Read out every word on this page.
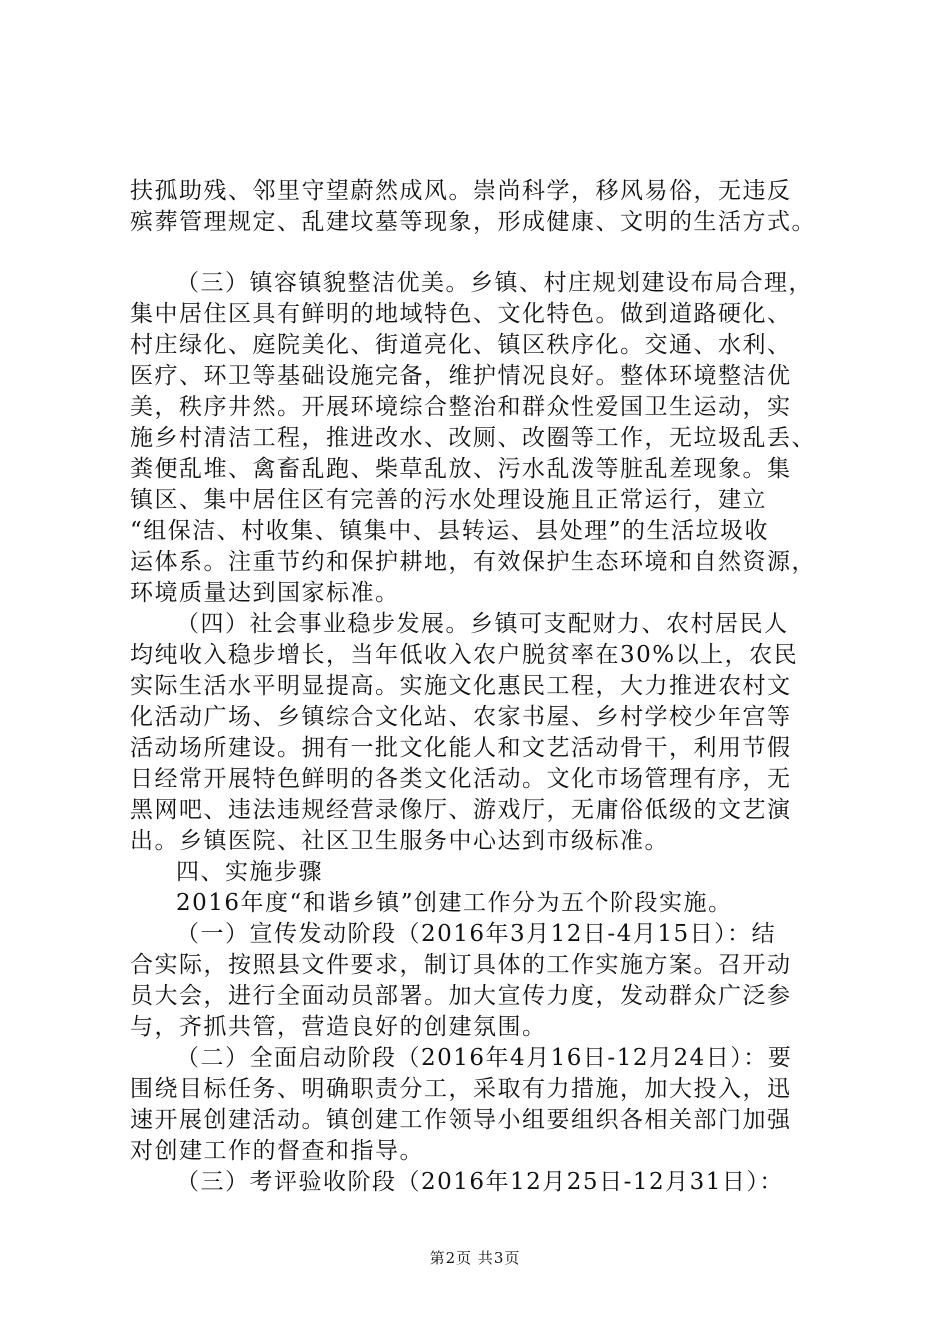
扶孤助残、邻里守望蔚然成风。崇尚科学，移风易俗，无违反
殡葬管理规定、乱建坟墓等现象，形成健康、文明的生活方式。
（三）镇容镇貌整洁优美。乡镇、村庄规划建设布局合理，
集中居住区具有鲜明的地域特色、文化特色。做到道路硬化、
村庄绿化、庭院美化、街道亮化、镇区秩序化。交通、水利、
医疗、环卫等基础设施完备，维护情况良好。整体环境整洁优
美，秩序井然。开展环境综合整治和群众性爱国卫生运动，实
施乡村清洁工程，推进改水、改厕、改圈等工作，无垃圾乱丢、
粪便乱堆、禽畜乱跑、柴草乱放、污水乱泼等脏乱差现象。集
镇区、集中居住区有完善的污水处理设施且正常运行，建立
“组保洁、村收集、镇集中、县转运、县处理”的生活垃圾收
运体系。注重节约和保护耕地，有效保护生态环境和自然资源，
环境质量达到国家标准。
（四）社会事业稳步发展。乡镇可支配财力、农村居民人
均纯收入稳步增长，当年低收入农户脱贫率在30%以上，农民
实际生活水平明显提高。实施文化惠民工程，大力推进农村文
化活动广场、乡镇综合文化站、农家书屋、乡村学校少年宫等
活动场所建设。拥有一批文化能人和文艺活动骨干，利用节假
日经常开展特色鲜明的各类文化活动。文化市场管理有序，无
黑网吧、违法违规经营录像厅、游戏厅，无庸俗低级的文艺演
出。乡镇医院、社区卫生服务中心达到市级标准。
四、实施步骤
2016年度“和谐乡镇”创建工作分为五个阶段实施。
（一）宣传发动阶段（2016年3月12日-4月15日）：结
合实际，按照县文件要求，制订具体的工作实施方案。召开动
员大会，进行全面动员部署。加大宣传力度，发动群众广泛参
与，齐抓共管，营造良好的创建氛围。
（二）全面启动阶段（2016年4月16日-12月24日）：要
围绕目标任务、明确职责分工，采取有力措施，加大投入，迅
速开展创建活动。镇创建工作领导小组要组织各相关部门加强
对创建工作的督查和指导。
（三）考评验收阶段（2016年12月25日-12月31日）：
第2页 共3页
